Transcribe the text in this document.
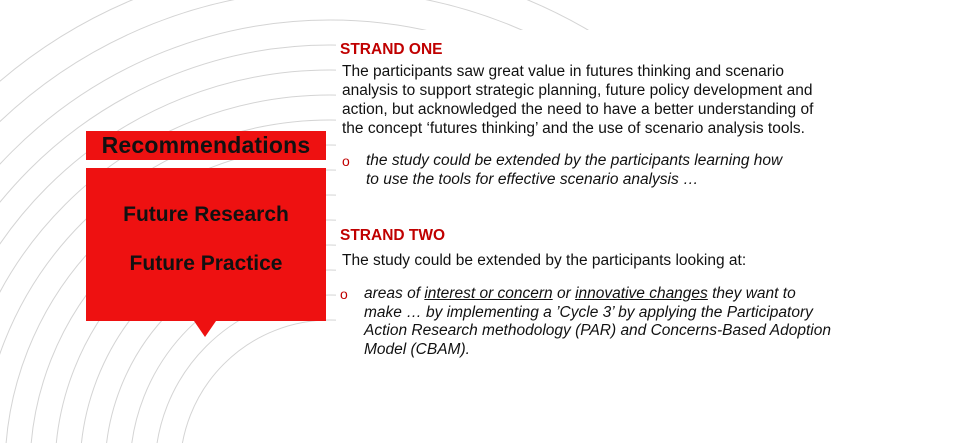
Recommendations
Future Research
Future Practice
STRAND ONE
The participants saw great value in futures thinking and scenario analysis to support strategic planning, future policy development and action, but acknowledged the need to have a better understanding of the concept ‘futures thinking’ and the use of scenario analysis tools.
o the study could be extended by the participants learning how to use the tools for effective scenario analysis …
STRAND TWO
The study could be extended by the participants looking at:
o areas of interest or concern or innovative changes they want to make … by implementing a ’Cycle 3’ by applying the Participatory Action Research methodology (PAR) and Concerns-Based Adoption Model (CBAM).
